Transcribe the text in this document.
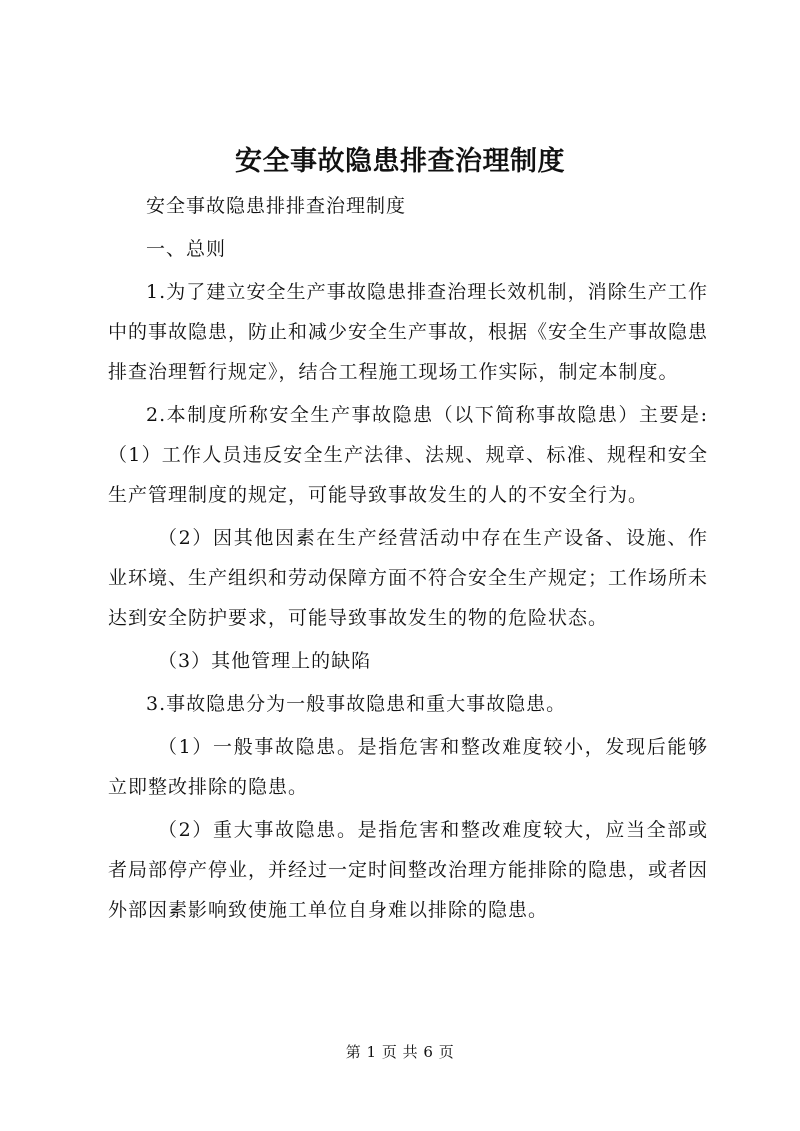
安全事故隐患排查治理制度

安全事故隐患排排查治理制度

一、总则

1.为了建立安全生产事故隐患排查治理长效机制，消除生产工作中的事故隐患，防止和减少安全生产事故，根据《安全生产事故隐患排查治理暂行规定》，结合工程施工现场工作实际，制定本制度。

2.本制度所称安全生产事故隐患（以下简称事故隐患）主要是:（1）工作人员违反安全生产法律、法规、规章、标准、规程和安全生产管理制度的规定，可能导致事故发生的人的不安全行为。

（2）因其他因素在生产经营活动中存在生产设备、设施、作业环境、生产组织和劳动保障方面不符合安全生产规定；工作场所未达到安全防护要求，可能导致事故发生的物的危险状态。

（3）其他管理上的缺陷

3.事故隐患分为一般事故隐患和重大事故隐患。

（1）一般事故隐患。是指危害和整改难度较小，发现后能够立即整改排除的隐患。

（2）重大事故隐患。是指危害和整改难度较大，应当全部或者局部停产停业，并经过一定时间整改治理方能排除的隐患，或者因外部因素影响致使施工单位自身难以排除的隐患。

第 1 页 共 6 页
